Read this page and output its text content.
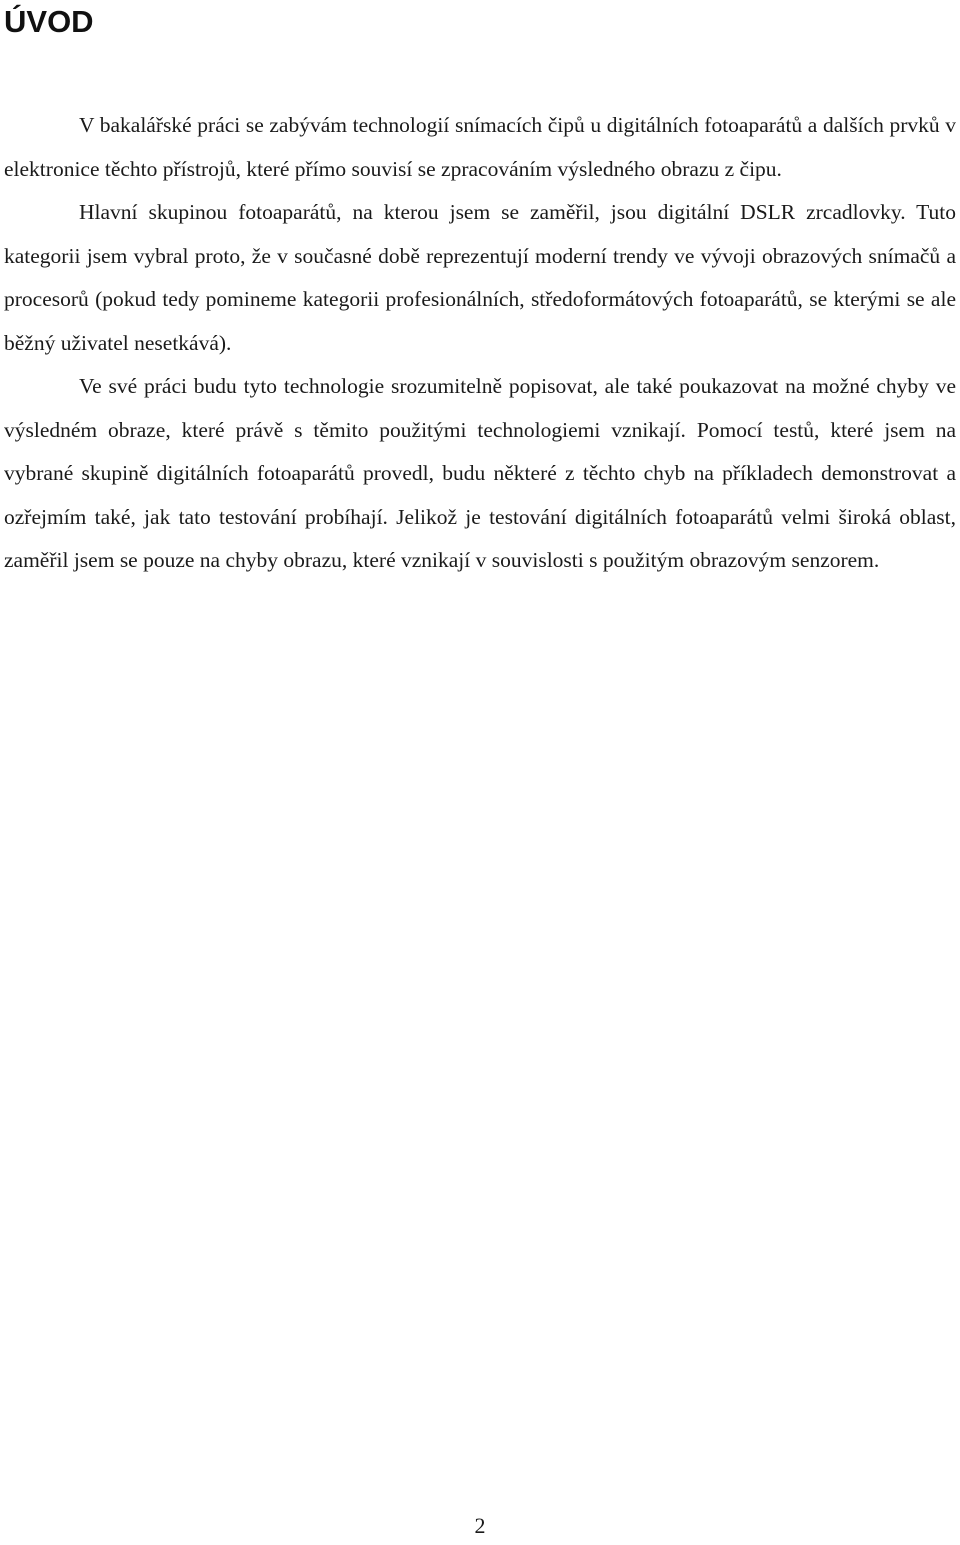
ÚVOD

V bakalářské práci se zabývám technologií snímacích čipů u digitálních fotoaparátů a dalších prvků v elektronice těchto přístrojů, které přímo souvisí se zpracováním výsledného obrazu z čipu.

Hlavní skupinou fotoaparátů, na kterou jsem se zaměřil, jsou digitální DSLR zrcadlovky. Tuto kategorii jsem vybral proto, že v současné době reprezentují moderní trendy ve vývoji obrazových snímačů a procesorů (pokud tedy pomineme kategorii profesionálních, středoformátových fotoaparátů, se kterými se ale běžný uživatel nesetkává).

Ve své práci budu tyto technologie srozumitelně popisovat, ale také poukazovat na možné chyby ve výsledném obraze, které právě s těmito použitými technologiemi vznikají. Pomocí testů, které jsem na vybrané skupině digitálních fotoaparátů provedl, budu některé z těchto chyb na příkladech demonstrovat a ozřejmím také, jak tato testování probíhají. Jelikož je testování digitálních fotoaparátů velmi široká oblast, zaměřil jsem se pouze na chyby obrazu, které vznikají v souvislosti s použitým obrazovým senzorem.

2
